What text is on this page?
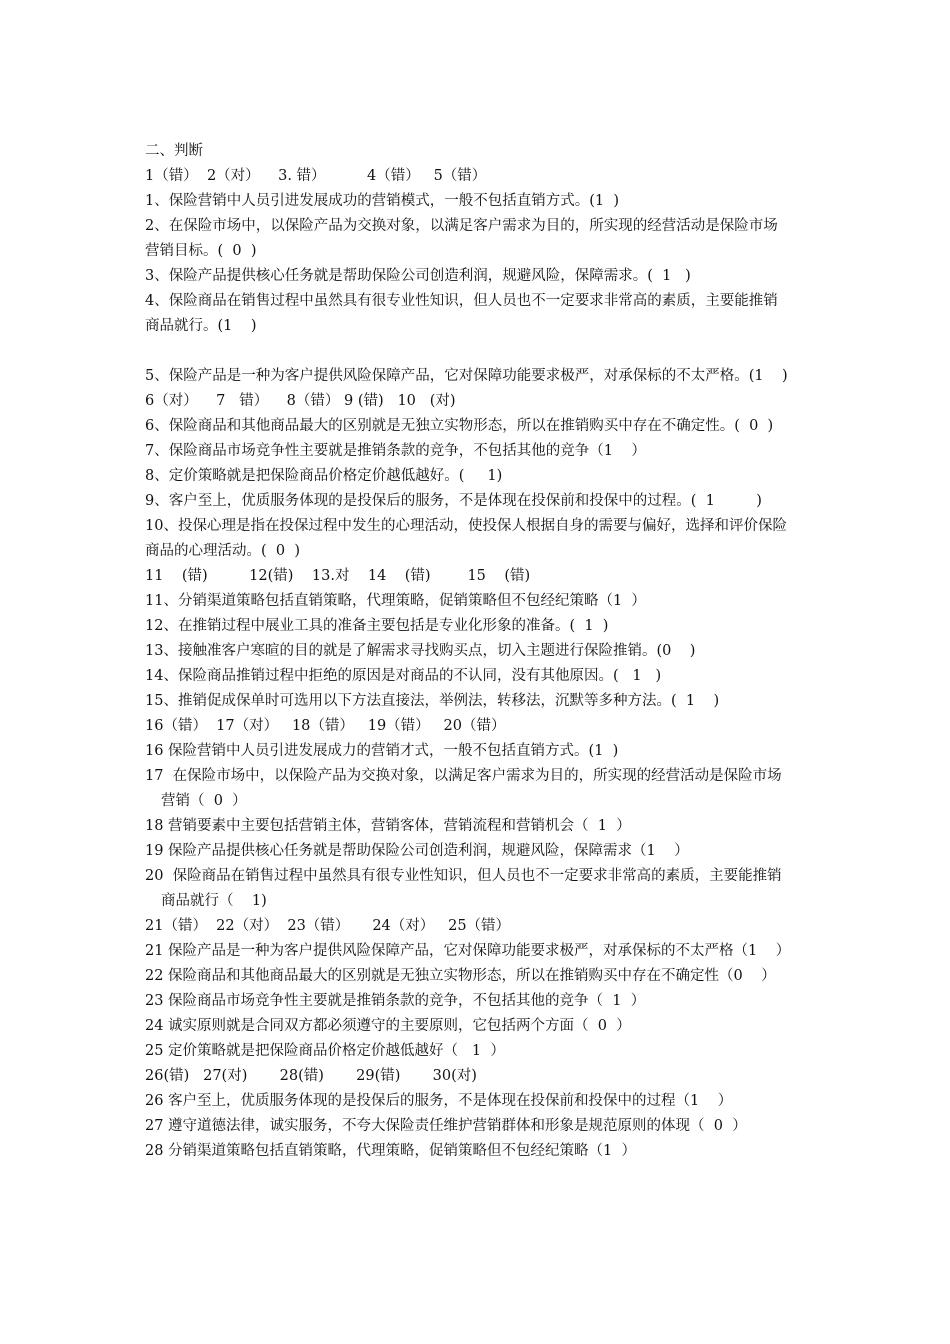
二、判断
1（错）  2（对）    3. 错）         4（错）   5（错）
1、保险营销中人员引进发展成功的营销模式，一般不包括直销方式。(1  )
2、在保险市场中，以保险产品为交换对象，以满足客户需求为目的，所实现的经营活动是保险市场
营销目标。(  0  )
3、保险产品提供核心任务就是帮助保险公司创造利润，规避风险，保障需求。(  1   )
4、保险商品在销售过程中虽然具有很专业性知识，但人员也不一定要求非常高的素质，主要能推销
商品就行。(1    )
5、保险产品是一种为客户提供风险保障产品，它对保障功能要求极严，对承保标的不太严格。(1    )
6（对）    7   错）    8（错） 9 (错)   10   (对)
6、保险商品和其他商品最大的区别就是无独立实物形态，所以在推销购买中存在不确定性。(  0  )
7、保险商品市场竞争性主要就是推销条款的竞争，不包括其他的竞争（1    ）
8、定价策略就是把保险商品价格定价越低越好。(     1)
9、客户至上，优质服务体现的是投保后的服务，不是体现在投保前和投保中的过程。(  1         )
10、投保心理是指在投保过程中发生的心理活动，使投保人根据自身的需要与偏好，选择和评价保险
商品的心理活动。(  0  )
11    (错)         12(错)    13.对    14    (错)        15    (错)
11、分销渠道策略包括直销策略，代理策略，促销策略但不包经纪策略（1  ）
12、在推销过程中展业工具的准备主要包括是专业化形象的准备。(  1  )
13、接触准客户寒暄的目的就是了解需求寻找购买点，切入主题进行保险推销。(0    )
14、保险商品推销过程中拒绝的原因是对商品的不认同，没有其他原因。(   1   )
15、推销促成保单时可选用以下方法直接法，举例法，转移法，沉默等多种方法。(  1    )
16（错）  17（对）   18（错）   19（错）   20（错）
16 保险营销中人员引进发展成力的营销才式，一般不包括直销方式。(1  )
17  在保险市场中，以保险产品为交换对象，以满足客户需求为目的，所实现的经营活动是保险市场
营销（  0  ）
18 营销要素中主要包括营销主体，营销客体，营销流程和营销机会（  1  ）
19 保险产品提供核心任务就是帮助保险公司创造利润，规避风险，保障需求（1    ）
20  保险商品在销售过程中虽然具有很专业性知识，但人员也不一定要求非常高的素质，主要能推销
商品就行（    1)
21（错）  22（对）  23（错）     24（对）   25（错）
21 保险产品是一种为客户提供风险保障产品，它对保障功能要求极严，对承保标的不太严格（1    ）
22 保险商品和其他商品最大的区别就是无独立实物形态，所以在推销购买中存在不确定性（0    ）
23 保险商品市场竞争性主要就是推销条款的竞争，不包括其他的竞争（  1  ）
24 诚实原则就是合同双方都必须遵守的主要原则，它包括两个方面（  0  ）
25 定价策略就是把保险商品价格定价越低越好（   1  ）
26(错)   27(对)       28(错)       29(错)       30(对)
26 客户至上，优质服务体现的是投保后的服务，不是体现在投保前和投保中的过程（1    ）
27 遵守道德法律，诚实服务，不夸大保险责任维护营销群体和形象是规范原则的体现（  0  ）
28 分销渠道策略包括直销策略，代理策略，促销策略但不包经纪策略（1  ）
